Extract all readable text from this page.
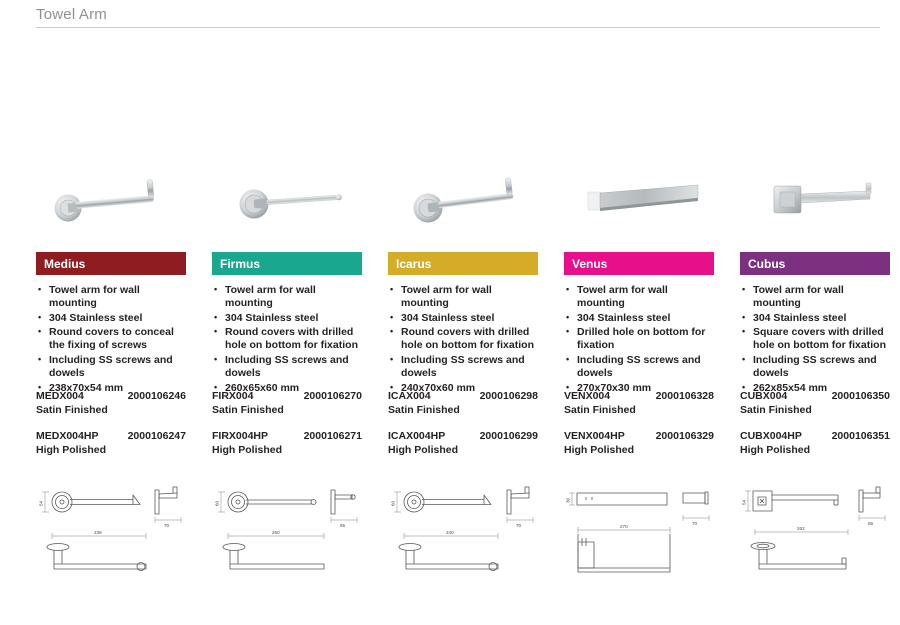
Towel Arm
Medius
• Towel arm for wall mounting
• 304 Stainless steel
• Round covers to conceal the fixing of screws
• Including SS screws and dowels
• 238x70x54 mm
MEDX004	2000106246
Satin Finished
MEDX004HP	2000106247
High Polished
54
70
238
Firmus
• Towel arm for wall mounting
• 304 Stainless steel
• Round covers with drilled hole on bottom for fixation
• Including SS screws and dowels
• 260x65x60 mm
FIRX004	2000106270
Satin Finished
FIRX004HP	2000106271
High Polished
60
65
260
Icarus
• Towel arm for wall mounting
• 304 Stainless steel
• Round covers with drilled hole on bottom for fixation
• Including SS screws and dowels
• 240x70x60 mm
ICAX004	2000106298
Satin Finished
ICAX004HP	2000106299
High Polished
60
70
240
Venus
• Towel arm for wall mounting
• 304 Stainless steel
• Drilled hole on bottom for fixation
• Including SS screws and dowels
• 270x70x30 mm
VENX004	2000106328
Satin Finished
VENX004HP	2000106329
High Polished
30
70
270
Cubus
• Towel arm for wall mounting
• 304 Stainless steel
• Square covers with drilled hole on bottom for fixation
• Including SS screws and dowels
• 262x85x54 mm
CUBX004	2000106350
Satin Finished
CUBX004HP	2000106351
High Polished
54
85
262
